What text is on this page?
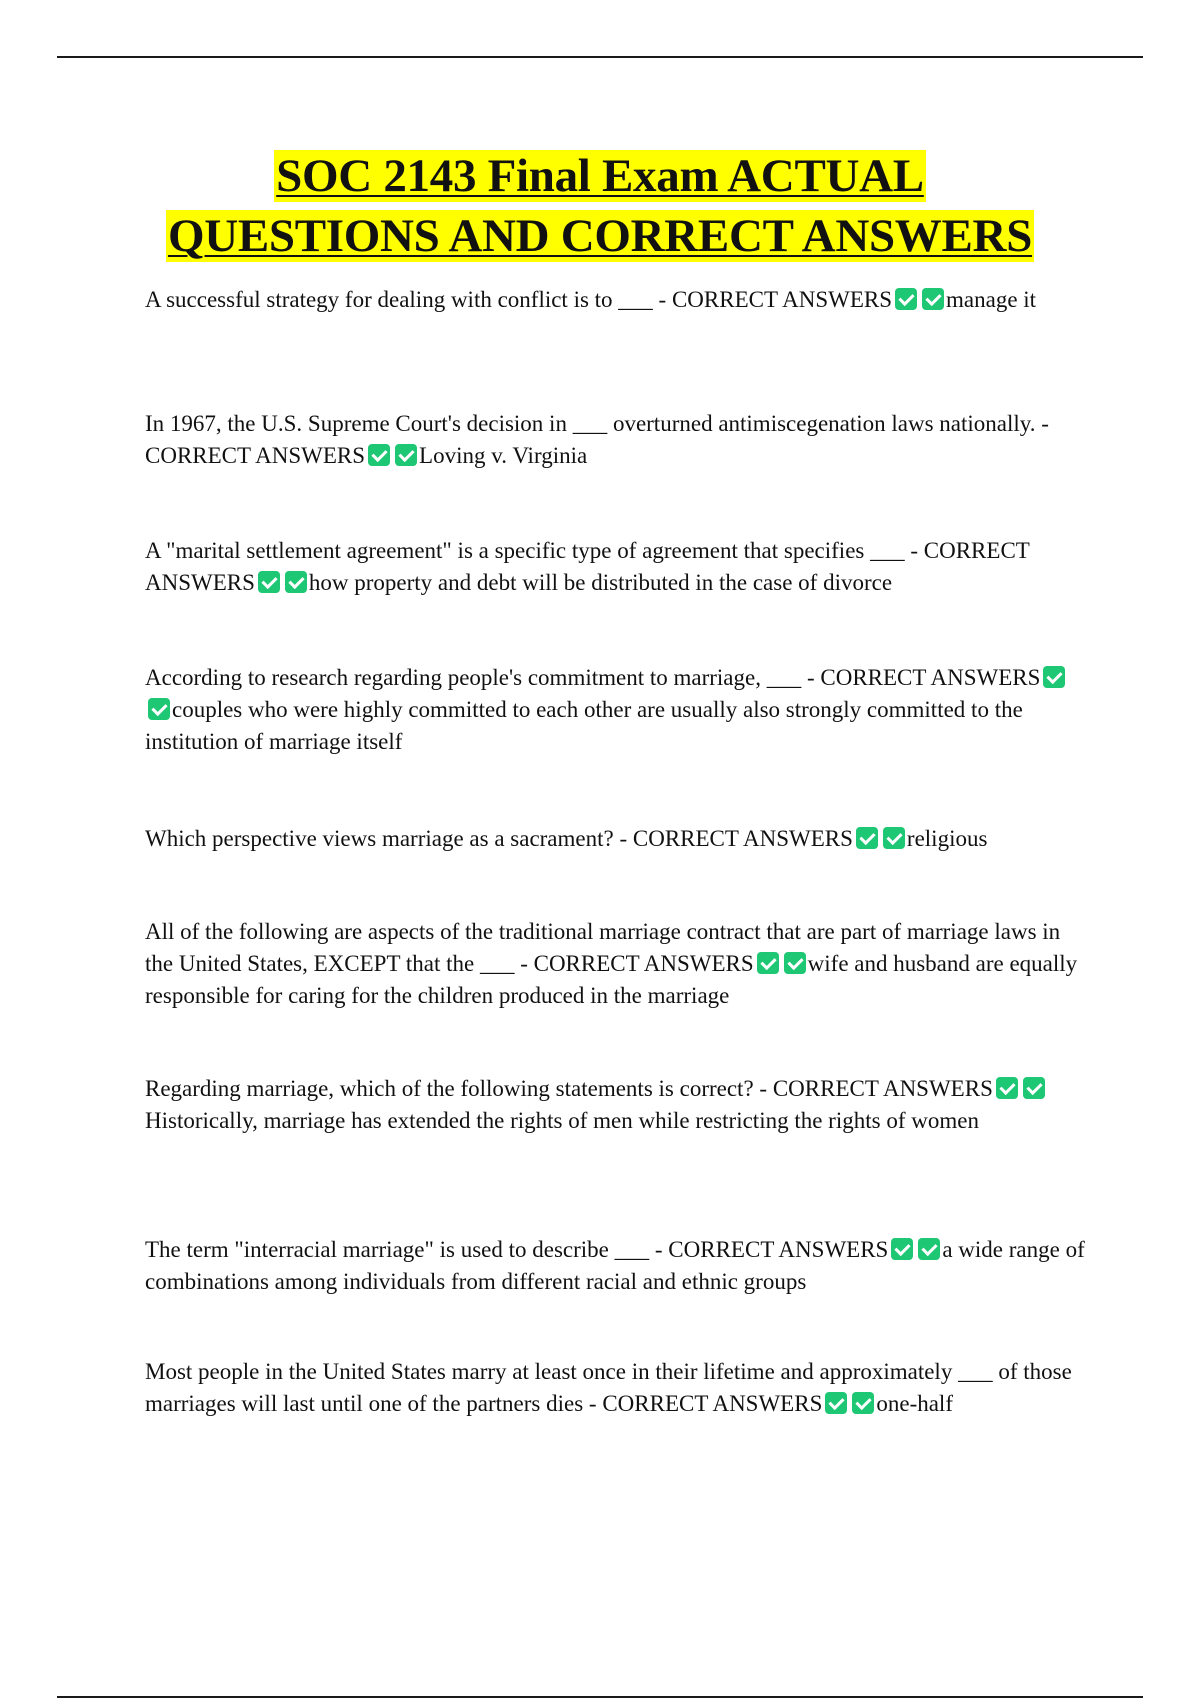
SOC 2143 Final Exam ACTUAL
QUESTIONS AND CORRECT ANSWERS
A successful strategy for dealing with conflict is to ___ - CORRECT ANSWERS manage it
In 1967, the U.S. Supreme Court's decision in ___ overturned antimiscegenation laws nationally. - CORRECT ANSWERS Loving v. Virginia
A "marital settlement agreement" is a specific type of agreement that specifies ___ - CORRECT ANSWERS how property and debt will be distributed in the case of divorce
According to research regarding people's commitment to marriage, ___ - CORRECT ANSWERScouples who were highly committed to each other are usually also strongly committed to the institution of marriage itself
Which perspective views marriage as a sacrament? - CORRECT ANSWERS religious
All of the following are aspects of the traditional marriage contract that are part of marriage laws in the United States, EXCEPT that the ___ - CORRECT ANSWERS wife and husband are equally responsible for caring for the children produced in the marriage
Regarding marriage, which of the following statements is correct? - CORRECT ANSWERSHistorically, marriage has extended the rights of men while restricting the rights of women
The term "interracial marriage" is used to describe ___ - CORRECT ANSWERS a wide range of combinations among individuals from different racial and ethnic groups
Most people in the United States marry at least once in their lifetime and approximately ___ of those marriages will last until one of the partners dies - CORRECT ANSWERS one-half
